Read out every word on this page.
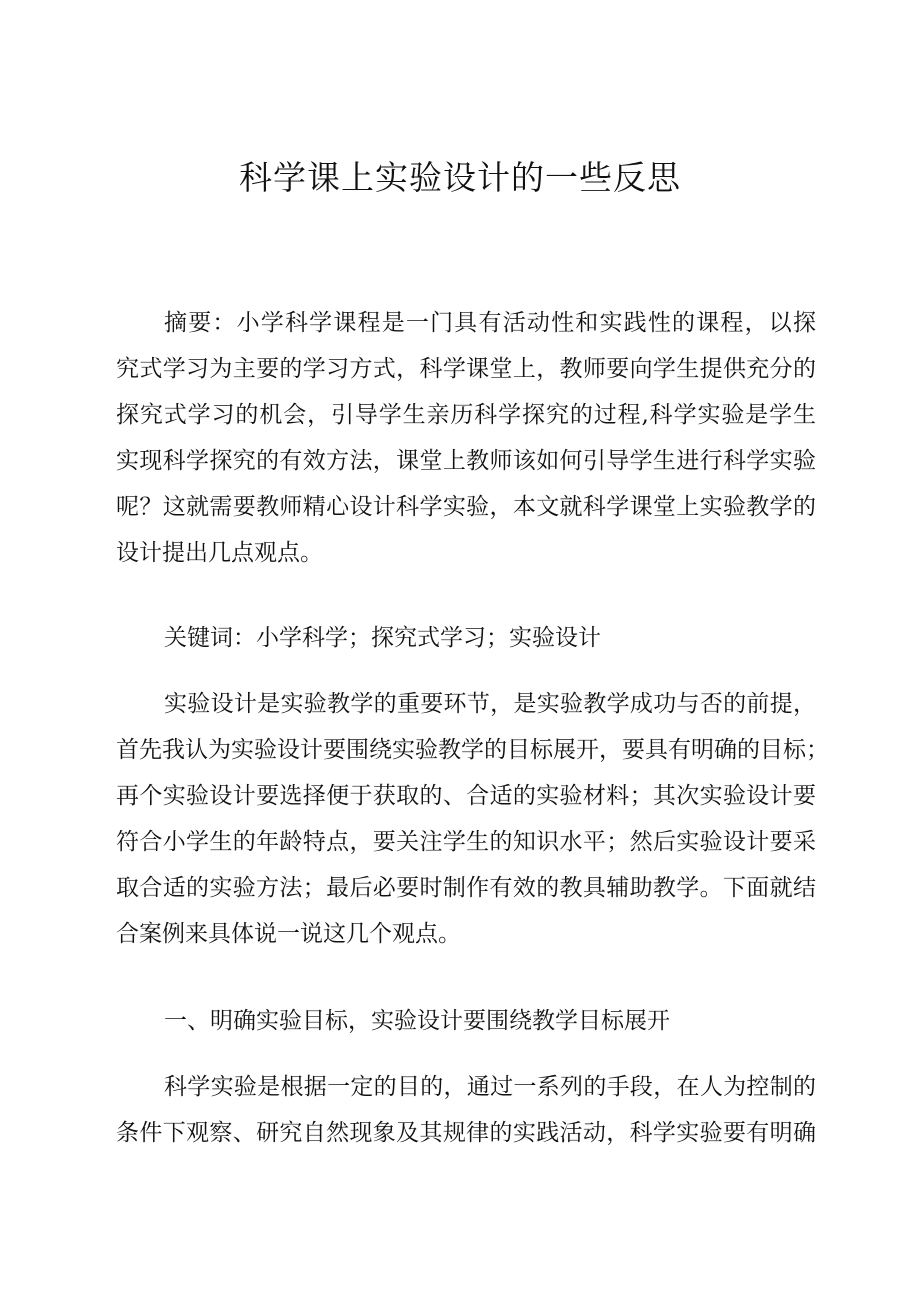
科学课上实验设计的一些反思
摘要：小学科学课程是一门具有活动性和实践性的课程，以探
究式学习为主要的学习方式，科学课堂上，教师要向学生提供充分的
探究式学习的机会，引导学生亲历科学探究的过程,科学实验是学生
实现科学探究的有效方法，课堂上教师该如何引导学生进行科学实验
呢？这就需要教师精心设计科学实验，本文就科学课堂上实验教学的
设计提出几点观点。
关键词：小学科学；探究式学习；实验设计
实验设计是实验教学的重要环节，是实验教学成功与否的前提，
首先我认为实验设计要围绕实验教学的目标展开，要具有明确的目标；
再个实验设计要选择便于获取的、合适的实验材料；其次实验设计要
符合小学生的年龄特点，要关注学生的知识水平；然后实验设计要采
取合适的实验方法；最后必要时制作有效的教具辅助教学。下面就结
合案例来具体说一说这几个观点。
一、明确实验目标，实验设计要围绕教学目标展开
科学实验是根据一定的目的，通过一系列的手段，在人为控制的
条件下观察、研究自然现象及其规律的实践活动，科学实验要有明确
